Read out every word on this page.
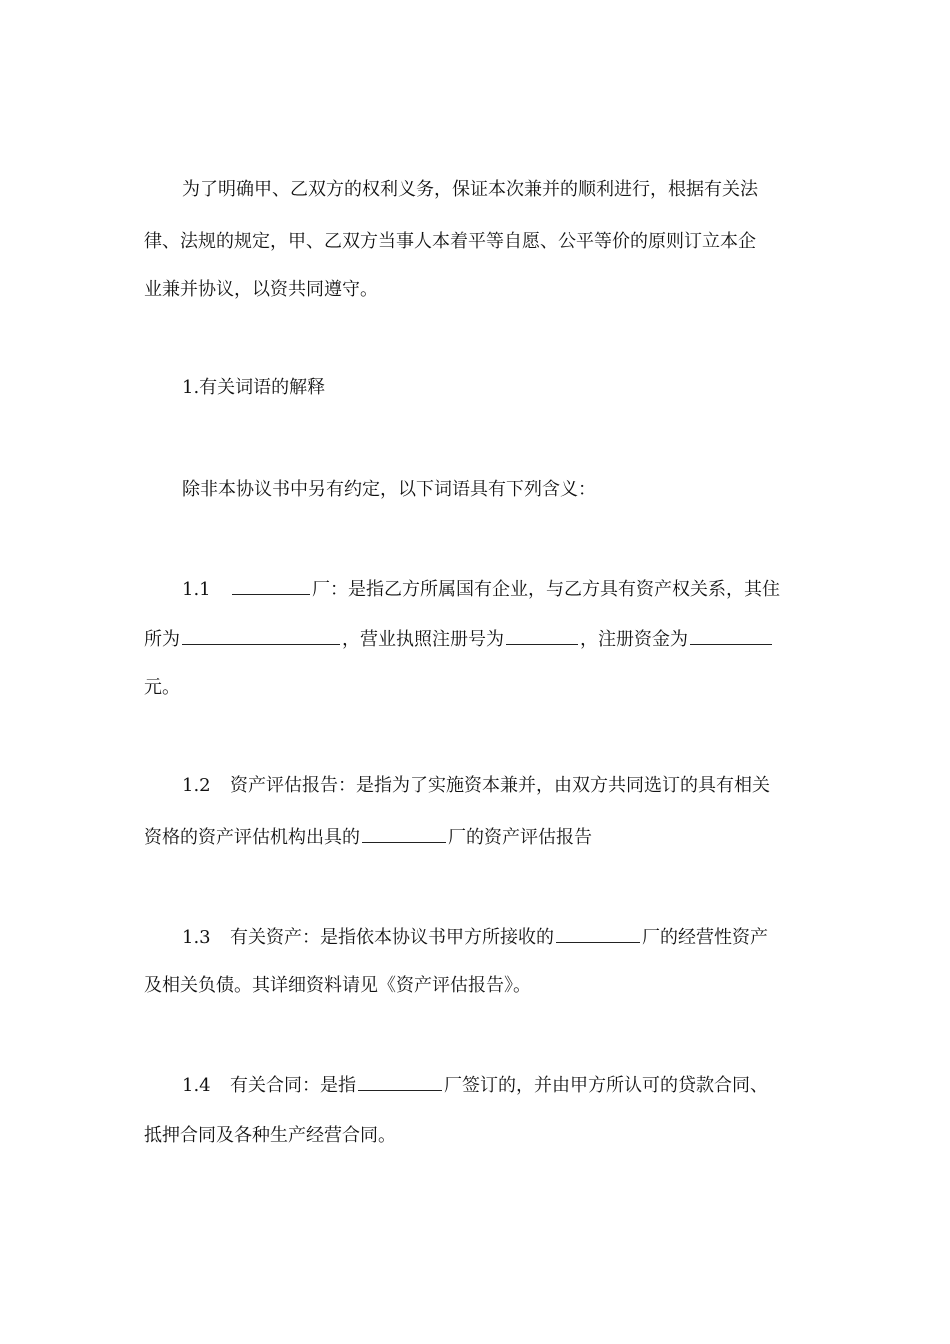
为了明确甲、乙双方的权利义务，保证本次兼并的顺利进行，根据有关法
律、法规的规定，甲、乙双方当事人本着平等自愿、公平等价的原则订立本企
业兼并协议，以资共同遵守。
1.有关词语的解释
除非本协议书中另有约定，以下词语具有下列含义：
1.1	厂：是指乙方所属国有企业，与乙方具有资产权关系，其住
所为	，营业执照注册号为	，注册资金为
元。
1.2 资产评估报告：是指为了实施资本兼并，由双方共同选订的具有相关
资格的资产评估机构出具的	厂的资产评估报告
1.3 有关资产：是指依本协议书甲方所接收的	厂的经营性资产
及相关负债。其详细资料请见《资产评估报告》。
1.4 有关合同：是指	厂签订的，并由甲方所认可的贷款合同、
抵押合同及各种生产经营合同。
